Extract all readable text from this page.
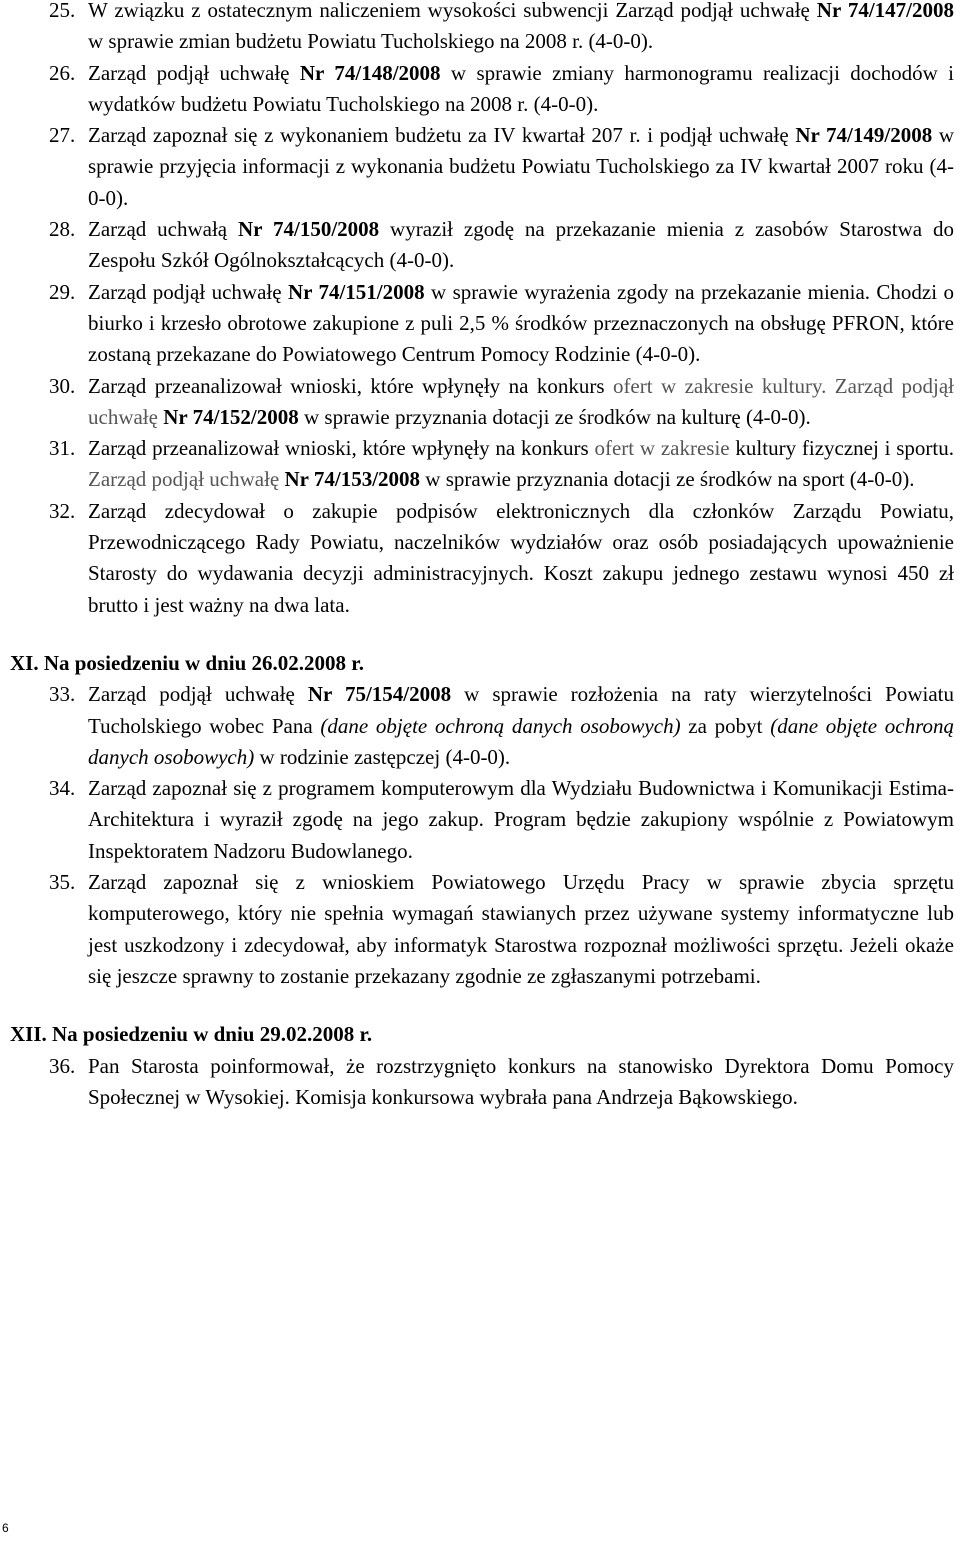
25. W związku z ostatecznym naliczeniem wysokości subwencji Zarząd podjął uchwałę Nr 74/147/2008 w sprawie zmian budżetu Powiatu Tucholskiego na 2008 r. (4-0-0).
26. Zarząd podjął uchwałę Nr 74/148/2008 w sprawie zmiany harmonogramu realizacji dochodów i wydatków budżetu Powiatu Tucholskiego na 2008 r. (4-0-0).
27. Zarząd zapoznał się z wykonaniem budżetu za IV kwartał 207 r. i podjął uchwałę Nr 74/149/2008 w sprawie przyjęcia informacji z wykonania budżetu Powiatu Tucholskiego za IV kwartał 2007 roku (4-0-0).
28. Zarząd uchwałą Nr 74/150/2008 wyraził zgodę na przekazanie mienia z zasobów Starostwa do Zespołu Szkół Ogólnokształcących (4-0-0).
29. Zarząd podjął uchwałę Nr 74/151/2008 w sprawie wyrażenia zgody na przekazanie mienia. Chodzi o biurko i krzesło obrotowe zakupione z puli 2,5 % środków przeznaczonych na obsługę PFRON, które zostaną przekazane do Powiatowego Centrum Pomocy Rodzinie (4-0-0).
30. Zarząd przeanalizował wnioski, które wpłynęły na konkurs ofert w zakresie kultury. Zarząd podjął uchwałę Nr 74/152/2008 w sprawie przyznania dotacji ze środków na kulturę (4-0-0).
31. Zarząd przeanalizował wnioski, które wpłynęły na konkurs ofert w zakresie kultury fizycznej i sportu. Zarząd podjął uchwałę Nr 74/153/2008 w sprawie przyznania dotacji ze środków na sport (4-0-0).
32. Zarząd zdecydował o zakupie podpisów elektronicznych dla członków Zarządu Powiatu, Przewodniczącego Rady Powiatu, naczelników wydziałów oraz osób posiadających upoważnienie Starosty do wydawania decyzji administracyjnych. Koszt zakupu jednego zestawu wynosi 450 zł brutto i jest ważny na dwa lata.
XI. Na posiedzeniu w dniu 26.02.2008 r.
33. Zarząd podjął uchwałę Nr 75/154/2008 w sprawie rozłożenia na raty wierzytelności Powiatu Tucholskiego wobec Pana (dane objęte ochroną danych osobowych) za pobyt (dane objęte ochroną danych osobowych) w rodzinie zastępczej (4-0-0).
34. Zarząd zapoznał się z programem komputerowym dla Wydziału Budownictwa i Komunikacji Estima-Architektura i wyraził zgodę na jego zakup. Program będzie zakupiony wspólnie z Powiatowym Inspektoratem Nadzoru Budowlanego.
35. Zarząd zapoznał się z wnioskiem Powiatowego Urzędu Pracy w sprawie zbycia sprzętu komputerowego, który nie spełnia wymagań stawianych przez używane systemy informatyczne lub jest uszkodzony i zdecydował, aby informatyk Starostwa rozpoznał możliwości sprzętu. Jeżeli okaże się jeszcze sprawny to zostanie przekazany zgodnie ze zgłaszanymi potrzebami.
XII. Na posiedzeniu w dniu 29.02.2008 r.
36. Pan Starosta poinformował, że rozstrzygnięto konkurs na stanowisko Dyrektora Domu Pomocy Społecznej w Wysokiej. Komisja konkursowa wybrała pana Andrzeja Bąkowskiego.
6
